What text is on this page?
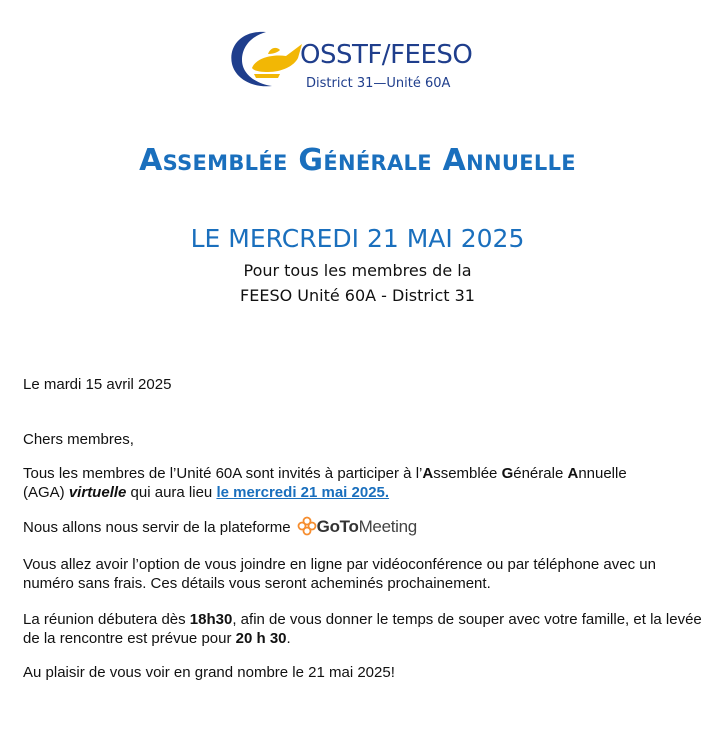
OSSTF/FEESO
District 31—Unité 60A
Assemblée Générale Annuelle
LE MERCREDI 21 MAI 2025
Pour tous les membres de la
FEESO Unité 60A - District 31
Le mardi 15 avril 2025
Chers membres,
Tous les membres de l’Unité 60A sont invités à participer à l’Assemblée Générale Annuelle
(AGA) virtuelle qui aura lieu le mercredi 21 mai 2025.
Nous allons nous servir de la plateforme GoToMeeting
Vous allez avoir l’option de vous joindre en ligne par vidéoconférence ou par téléphone avec un numéro sans frais. Ces détails vous seront acheminés prochainement.
La réunion débutera dès 18h30, afin de vous donner le temps de souper avec votre famille, et la levée de la rencontre est prévue pour 20 h 30.
Au plaisir de vous voir en grand nombre le 21 mai 2025!
